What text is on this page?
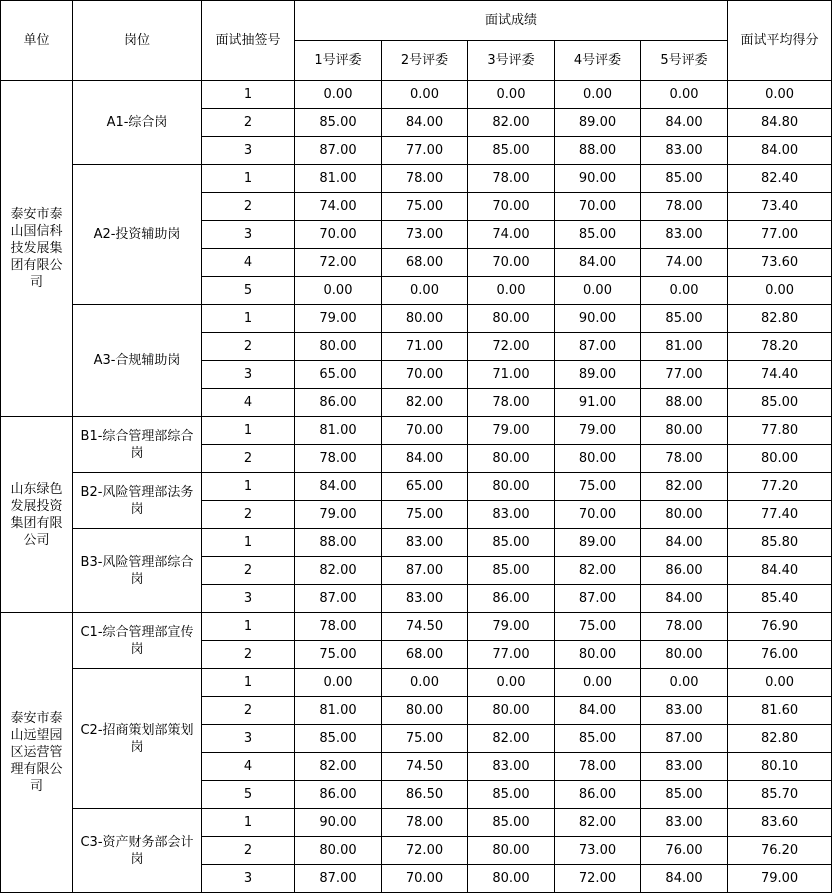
单位	岗位	面试抽签号	面试成绩					面试平均得分
			1号评委	2号评委	3号评委	4号评委	5号评委	
泰安市泰山国信科技发展集团有限公司	A1-综合岗	1	0.00	0.00	0.00	0.00	0.00	0.00
		2	85.00	84.00	82.00	89.00	84.00	84.80
		3	87.00	77.00	85.00	88.00	83.00	84.00
	A2-投资辅助岗	1	81.00	78.00	78.00	90.00	85.00	82.40
		2	74.00	75.00	70.00	70.00	78.00	73.40
		3	70.00	73.00	74.00	85.00	83.00	77.00
		4	72.00	68.00	70.00	84.00	74.00	73.60
		5	0.00	0.00	0.00	0.00	0.00	0.00
	A3-合规辅助岗	1	79.00	80.00	80.00	90.00	85.00	82.80
		2	80.00	71.00	72.00	87.00	81.00	78.20
		3	65.00	70.00	71.00	89.00	77.00	74.40
		4	86.00	82.00	78.00	91.00	88.00	85.00
山东绿色发展投资集团有限公司	B1-综合管理部综合岗	1	81.00	70.00	79.00	79.00	80.00	77.80
		2	78.00	84.00	80.00	80.00	78.00	80.00
	B2-风险管理部法务岗	1	84.00	65.00	80.00	75.00	82.00	77.20
		2	79.00	75.00	83.00	70.00	80.00	77.40
	B3-风险管理部综合岗	1	88.00	83.00	85.00	89.00	84.00	85.80
		2	82.00	87.00	85.00	82.00	86.00	84.40
		3	87.00	83.00	86.00	87.00	84.00	85.40
泰安市泰山远望园区运营管理有限公司	C1-综合管理部宣传岗	1	78.00	74.50	79.00	75.00	78.00	76.90
		2	75.00	68.00	77.00	80.00	80.00	76.00
	C2-招商策划部策划岗	1	0.00	0.00	0.00	0.00	0.00	0.00
		2	81.00	80.00	80.00	84.00	83.00	81.60
		3	85.00	75.00	82.00	85.00	87.00	82.80
		4	82.00	74.50	83.00	78.00	83.00	80.10
		5	86.00	86.50	85.00	86.00	85.00	85.70
	C3-资产财务部会计岗	1	90.00	78.00	85.00	82.00	83.00	83.60
		2	80.00	72.00	80.00	73.00	76.00	76.20
		3	87.00	70.00	80.00	72.00	84.00	79.00
